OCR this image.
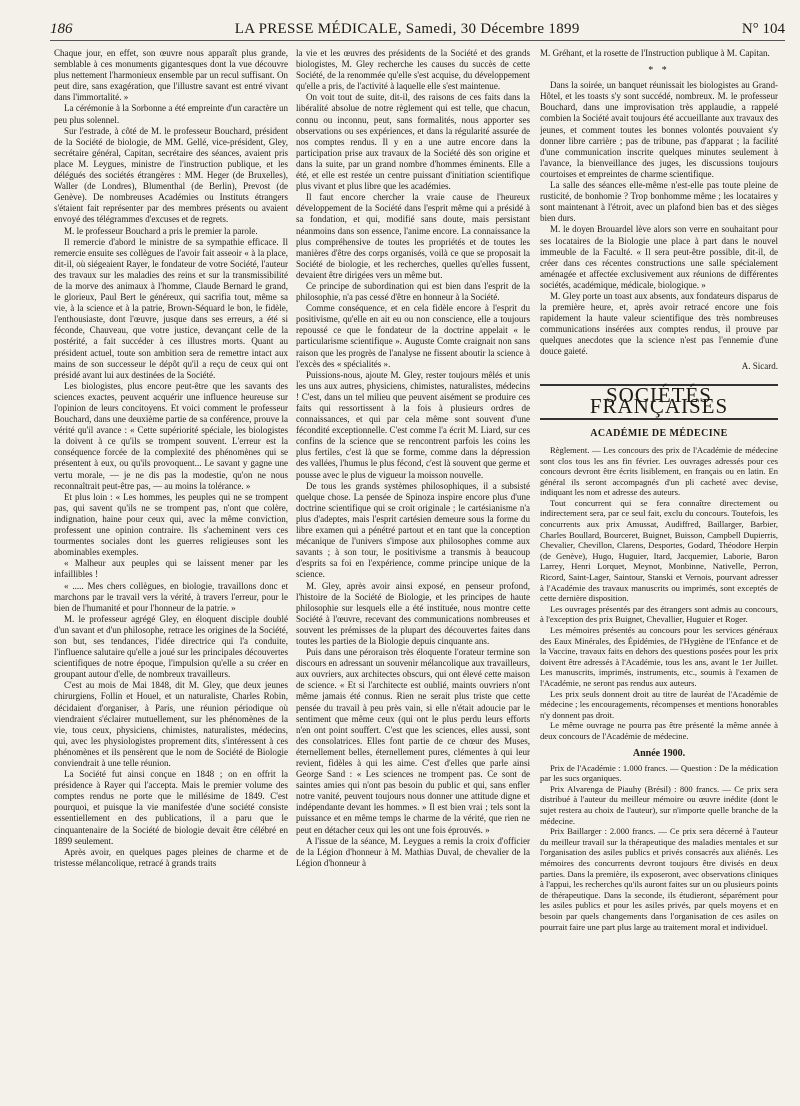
186	LA PRESSE MÉDICALE, Samedi, 30 Décembre 1899	N° 104

Chaque jour, en effet, son œuvre nous apparaît plus grande, semblable à ces monuments gigantesques dont la vue découvre plus nettement l'harmonieux ensemble par un recul suffisant. On peut dire, sans exagération, que l'illustre savant est entré vivant dans l'immortalité. »

La cérémonie à la Sorbonne a été empreinte d'un caractère un peu plus solennel.

Sur l'estrade, à côté de M. le professeur Bouchard, président de la Société de biologie, de MM. Gellé, vice-président, Gley, secrétaire général, Capitan, secrétaire des séances, avaient pris place M. Leygues, ministre de l'instruction publique, et les délégués des sociétés étrangères : MM. Heger (de Bruxelles), Waller (de Londres), Blumenthal (de Berlin), Prevost (de Genève). De nombreuses Académies ou Instituts étrangers s'étaient fait représenter par des membres présents ou avaient envoyé des télégrammes d'excuses et de regrets.

M. le professeur Bouchard a pris le premier la parole.

Il remercie d'abord le ministre de sa sympathie efficace. Il remercie ensuite ses collègues de l'avoir fait asseoir « à la place, dit-il, où siégeaient Rayer, le fondateur de votre Société, l'auteur des travaux sur les maladies des reins et sur la transmissibilité de la morve des animaux à l'homme, Claude Bernard le grand, le glorieux, Paul Bert le généreux, qui sacrifia tout, même sa vie, à la science et à la patrie, Brown-Séquard le bon, le fidèle, l'enthousiaste, dont l'œuvre, jusque dans ses erreurs, a été si féconde, Chauveau, que votre justice, devançant celle de la postérité, a fait succéder à ces illustres morts. Quant au président actuel, toute son ambition sera de remettre intact aux mains de son successeur le dépôt qu'il a reçu de ceux qui ont présidé avant lui aux destinées de la Société.

Les biologistes, plus encore peut-être que les savants des sciences exactes, peuvent acquérir une influence heureuse sur l'opinion de leurs concitoyens. Et voici comment le professeur Bouchard, dans une deuxième partie de sa conférence, prouve la vérité qu'il avance : « Cette supériorité spéciale, les biologistes la doivent à ce qu'ils se trompent souvent. L'erreur est la conséquence forcée de la complexité des phénomènes qui se présentent à eux, ou qu'ils provoquent... Le savant y gagne une vertu morale, — je ne dis pas la modestie, qu'on ne nous reconnaîtrait peut-être pas, — au moins la tolérance. »

Et plus loin : « Les hommes, les peuples qui ne se trompent pas, qui savent qu'ils ne se trompent pas, n'ont que colère, indignation, haine pour ceux qui, avec la même conviction, professent une opinion contraire. Ils s'acheminent vers ces tourmentes sociales dont les guerres religieuses sont les abominables exemples.

« Malheur aux peuples qui se laissent mener par les infaillibles !

« ..... Mes chers collègues, en biologie, travaillons donc et marchons par le travail vers la vérité, à travers l'erreur, pour le bien de l'humanité et pour l'honneur de la patrie. »

M. le professeur agrégé Gley, en éloquent disciple doublé d'un savant et d'un philosophe, retrace les origines de la Société, son but, ses tendances, l'idée directrice qui l'a conduite, l'influence salutaire qu'elle a joué sur les principales découvertes scientifiques de notre époque, l'impulsion qu'elle a su créer en groupant autour d'elle, de nombreux travailleurs.

C'est au mois de Mai 1848, dit M. Gley, que deux jeunes chirurgiens, Follin et Houel, et un naturaliste, Charles Robin, décidaient d'organiser, à Paris, une réunion périodique où viendraient s'éclairer mutuellement, sur les phénomènes de la vie, tous ceux, physiciens, chimistes, naturalistes, médecins, qui, avec les physiologistes proprement dits, s'intéressent à ces phénomènes et ils pensèrent que le nom de Société de Biologie conviendrait à une telle réunion.

La Société fut ainsi conçue en 1848 ; on en offrit la présidence à Rayer qui l'accepta. Mais le premier volume des comptes rendus ne porte que le millésime de 1849. C'est pourquoi, et puisque la vie manifestée d'une société consiste essentiellement en des publications, il a paru que le cinquantenaire de la Société de biologie devait être célébré en 1899 seulement.

Après avoir, en quelques pages pleines de charme et de tristesse mélancolique, retracé à grands traits

la vie et les œuvres des présidents de la Société et des grands biologistes, M. Gley recherche les causes du succès de cette Société, de la renommée qu'elle s'est acquise, du développement qu'elle a pris, de l'activité à laquelle elle s'est maintenue.

On voit tout de suite, dit-il, des raisons de ces faits dans la libéralité absolue de notre règlement qui est telle, que chacun, connu ou inconnu, peut, sans formalités, nous apporter ses observations ou ses expériences, et dans la régularité assurée de nos comptes rendus. Il y en a une autre encore dans la participation prise aux travaux de la Société dès son origine et dans la suite, par un grand nombre d'hommes éminents. Elle a été, et elle est restée un centre puissant d'initiation scientifique plus vivant et plus libre que les académies.

Il faut encore chercher la vraie cause de l'heureux développement de la Société dans l'esprit même qui a présidé à sa fondation, et qui, modifié sans doute, mais persistant néanmoins dans son essence, l'anime encore. La connaissance la plus compréhensive de toutes les propriétés et de toutes les manières d'être des corps organisés, voilà ce que se proposait la Société de biologie, et les recherches, quelles qu'elles fussent, devaient être dirigées vers un même but.

Ce principe de subordination qui est bien dans l'esprit de la philosophie, n'a pas cessé d'être en honneur à la Société.

Comme conséquence, et en cela fidèle encore à l'esprit du positivisme, qu'elle en ait eu ou non conscience, elle a toujours repoussé ce que le fondateur de la doctrine appelait « le particularisme scientifique ». Auguste Comte craignait non sans raison que les progrès de l'analyse ne fissent aboutir la science à l'excès des « spécialités ».

Puissions-nous, ajoute M. Gley, rester toujours mêlés et unis les uns aux autres, physiciens, chimistes, naturalistes, médecins ! C'est, dans un tel milieu que peuvent aisément se produire ces faits qui ressortissent à la fois à plusieurs ordres de connaissances, et qui par cela même sont souvent d'une fécondité exceptionnelle. C'est comme l'a écrit M. Liard, sur ces confins de la science que se rencontrent parfois les coins les plus fertiles, c'est là que se forme, comme dans la dépression des vallées, l'humus le plus fécond, c'est là souvent que germe et pousse avec le plus de vigueur la moisson nouvelle.

De tous les grands systèmes philosophiques, il a subsisté quelque chose. La pensée de Spinoza inspire encore plus d'une doctrine scientifique qui se croit originale ; le cartésianisme n'a plus d'adeptes, mais l'esprit cartésien demeure sous la forme du libre examen qui a pénétré partout et en tant que la conception mécanique de l'univers s'impose aux philosophes comme aux savants ; à son tour, le positivisme a transmis à beaucoup d'esprits sa foi en l'expérience, comme principe unique de la science.

M. Gley, après avoir ainsi exposé, en penseur profond, l'histoire de la Société de Biologie, et les principes de haute philosophie sur lesquels elle a été instituée, nous montre cette Société à l'œuvre, recevant des communications nombreuses et souvent les prémisses de la plupart des découvertes faites dans toutes les parties de la Biologie depuis cinquante ans.

Puis dans une péroraison très éloquente l'orateur termine son discours en adressant un souvenir mélancolique aux travailleurs, aux ouvriers, aux architectes obscurs, qui ont élevé cette maison de science. « Et si l'architecte est oublié, maints ouvriers n'ont même jamais été connus. Rien ne serait plus triste que cette pensée du travail à peu près vain, si elle n'était adoucie par le sentiment que même ceux (qui ont le plus perdu leurs efforts n'en ont point souffert. C'est que les sciences, elles aussi, sont des consolatrices. Elles font partie de ce chœur des Muses, éternellement belles, éternellement pures, clémentes à qui leur revient, fidèles à qui les aime. C'est d'elles que parle ainsi George Sand : « Les sciences ne trompent pas. Ce sont de saintes amies qui n'ont pas besoin du public et qui, sans enfler notre vanité, peuvent toujours nous donner une attitude digne et indépendante devant les hommes. » Il est bien vrai ; tels sont la puissance et en même temps le charme de la vérité, que rien ne peut en détacher ceux qui les ont une fois éprouvés. »

A l'issue de la séance, M. Leygues a remis la croix d'officier de la Légion d'honneur à M. Mathias Duval, de chevalier de la Légion d'honneur à

M. Gréhant, et la rosette de l'Instruction publique à M. Capitan.

* *

Dans la soirée, un banquet réunissait les biologistes au Grand-Hôtel, et les toasts s'y sont succédé, nombreux. M. le professeur Bouchard, dans une improvisation très applaudie, a rappelé combien la Société avait toujours été accueillante aux travaux des jeunes, et comment toutes les bonnes volontés pouvaient s'y donner libre carrière ; pas de tribune, pas d'apparat ; la facilité d'une communication inscrite quelques minutes seulement à l'avance, la bienveillance des juges, les discussions toujours courtoises et empreintes de charme scientifique.

La salle des séances elle-même n'est-elle pas toute pleine de rusticité, de bonhomie ? Trop bonhomme même ; les locataires y sont maintenant à l'étroit, avec un plafond bien bas et des sièges bien durs.

M. le doyen Brouardel lève alors son verre en souhaitant pour ses locataires de la Biologie une place à part dans le nouvel immeuble de la Faculté. « Il sera peut-être possible, dit-il, de créer dans ces récentes constructions une salle spécialement aménagée et affectée exclusivement aux réunions de différentes sociétés, académique, médicale, biologique. »

M. Gley porte un toast aux absents, aux fondateurs disparus de la première heure, et, après avoir retracé encore une fois rapidement la haute valeur scientifique des très nombreuses communications insérées aux comptes rendus, il prouve par quelques anecdotes que la science n'est pas l'ennemie d'une douce gaieté.

A. Sicard.

SOCIÉTÉS FRANÇAISES
ACADÉMIE DE MÉDECINE

Règlement. — Les concours des prix de l'Académie de médecine sont clos tous les ans fin février. Les ouvrages adressés pour ces concours devront être écrits lisiblement, en français ou en latin. En général ils seront accompagnés d'un pli cacheté avec devise, indiquant les nom et adresse des auteurs.

Tout concurrent qui se fera connaître directement ou indirectement sera, par ce seul fait, exclu du concours. Toutefois, les concurrents aux prix Amussat, Audiffred, Baillarger, Barbier, Charles Boullard, Bourceret, Buignet, Buisson, Campbell Dupierris, Chevalier, Chevillon, Clarens, Desportes, Godard, Théodore Herpin (de Genève), Hugo, Huguier, Itard, Jacquemier, Laborie, Baron Larrey, Henri Lorquet, Meynot, Monbinne, Nativelle, Perron, Ricord, Saint-Lager, Saintour, Stanski et Vernois, pourvant adresser à l'Académie des travaux manuscrits ou imprimés, sont exceptés de cette dernière disposition.

Les ouvrages présentés par des étrangers sont admis au concours, à l'exception des prix Buignet, Chevallier, Huguier et Roger.

Les mémoires présentés au concours pour les services généraux des Eaux Minérales, des Épidémies, de l'Hygiène de l'Enfance et de la Vaccine, travaux faits en dehors des questions posées pour les prix doivent être adressés à l'Académie, tous les ans, avant le 1er Juillet. Les manuscrits, imprimés, instruments, etc., soumis à l'examen de l'Académie, ne seront pas rendus aux auteurs.

Les prix seuls donnent droit au titre de lauréat de l'Académie de médecine ; les encouragements, récompenses et mentions honorables n'y donnent pas droit.

Le même ouvrage ne pourra pas être présenté la même année à deux concours de l'Académie de médecine.

Année 1900.

Prix de l'Académie : 1.000 francs. — Question : De la médication par les sucs organiques.

Prix Alvarenga de Piauhy (Brésil) : 800 francs. — Ce prix sera distribué à l'auteur du meilleur mémoire ou œuvre inédite (dont le sujet restera au choix de l'auteur), sur n'importe quelle branche de la médecine.

Prix Baillarger : 2.000 francs. — Ce prix sera décerné à l'auteur du meilleur travail sur la thérapeutique des maladies mentales et sur l'organisation des asiles publics et privés consacrés aux aliénés. Les mémoires des concurrents devront toujours être divisés en deux parties. Dans la première, ils exposeront, avec observations cliniques à l'appui, les recherches qu'ils auront faites sur un ou plusieurs points de thérapeutique. Dans la seconde, ils étudieront, séparément pour les asiles publics et pour les asiles privés, par quels moyens et en besoin par quels changements dans l'organisation de ces asiles on pourrait faire une part plus large au traitement moral et individuel.
